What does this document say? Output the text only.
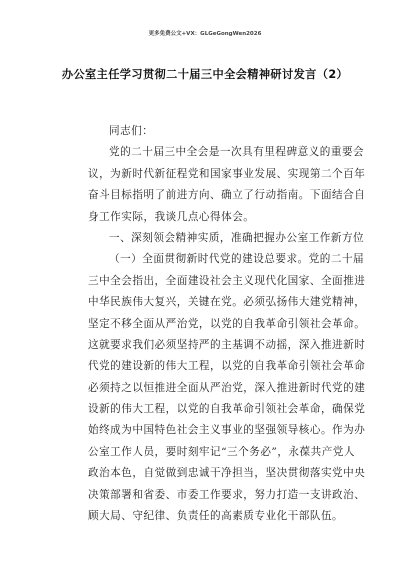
更多免费公文+VX：GLGeGongWen2026
办公室主任学习贯彻二十届三中全会精神研讨发言（2）
同志们：
党的二十届三中全会是一次具有里程碑意义的重要会
议，为新时代新征程党和国家事业发展、实现第二个百年
奋斗目标指明了前进方向、确立了行动指南。下面结合自
身工作实际，我谈几点心得体会。
一、深刻领会精神实质，准确把握办公室工作新方位
（一）全面贯彻新时代党的建设总要求。党的二十届
三中全会指出，全面建设社会主义现代化国家、全面推进
中华民族伟大复兴，关键在党。必须弘扬伟大建党精神，
坚定不移全面从严治党，以党的自我革命引领社会革命。
这就要求我们必须坚持严的主基调不动摇，深入推进新时
代党的建设新的伟大工程，以党的自我革命引领社会革命
必须持之以恒推进全面从严治党，深入推进新时代党的建
设新的伟大工程，以党的自我革命引领社会革命，确保党
始终成为中国特色社会主义事业的坚强领导核心。作为办
公室工作人员，要时刻牢记“三个务必”，永葆共产党人
政治本色，自觉做到忠诚干净担当，坚决贯彻落实党中央
决策部署和省委、市委工作要求，努力打造一支讲政治、
顾大局、守纪律、负责任的高素质专业化干部队伍。
